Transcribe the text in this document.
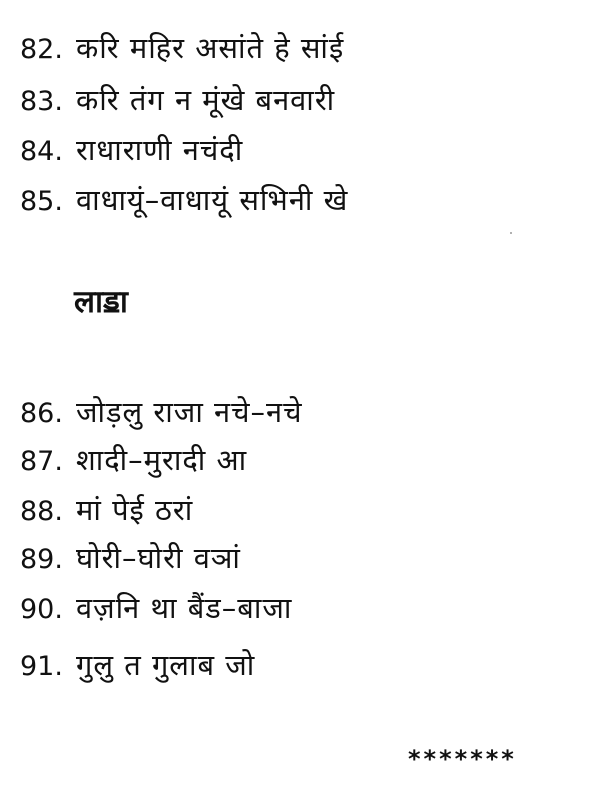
82. करि महिर असांते हे सांई
83. करि तंग न मूंखे बनवारी
84. राधाराणी नचंदी
85. वाधायूं–वाधायूं सभिनी खे
लाॾा
86. जोड़लु राजा नचे–नचे
87. शादी–मुरादी आ
88. मां पेई ठरां
89. घोरी–घोरी वञां
90. वज़नि था बैंड–बाजा
91. गुलु त गुलाब जो
*******
